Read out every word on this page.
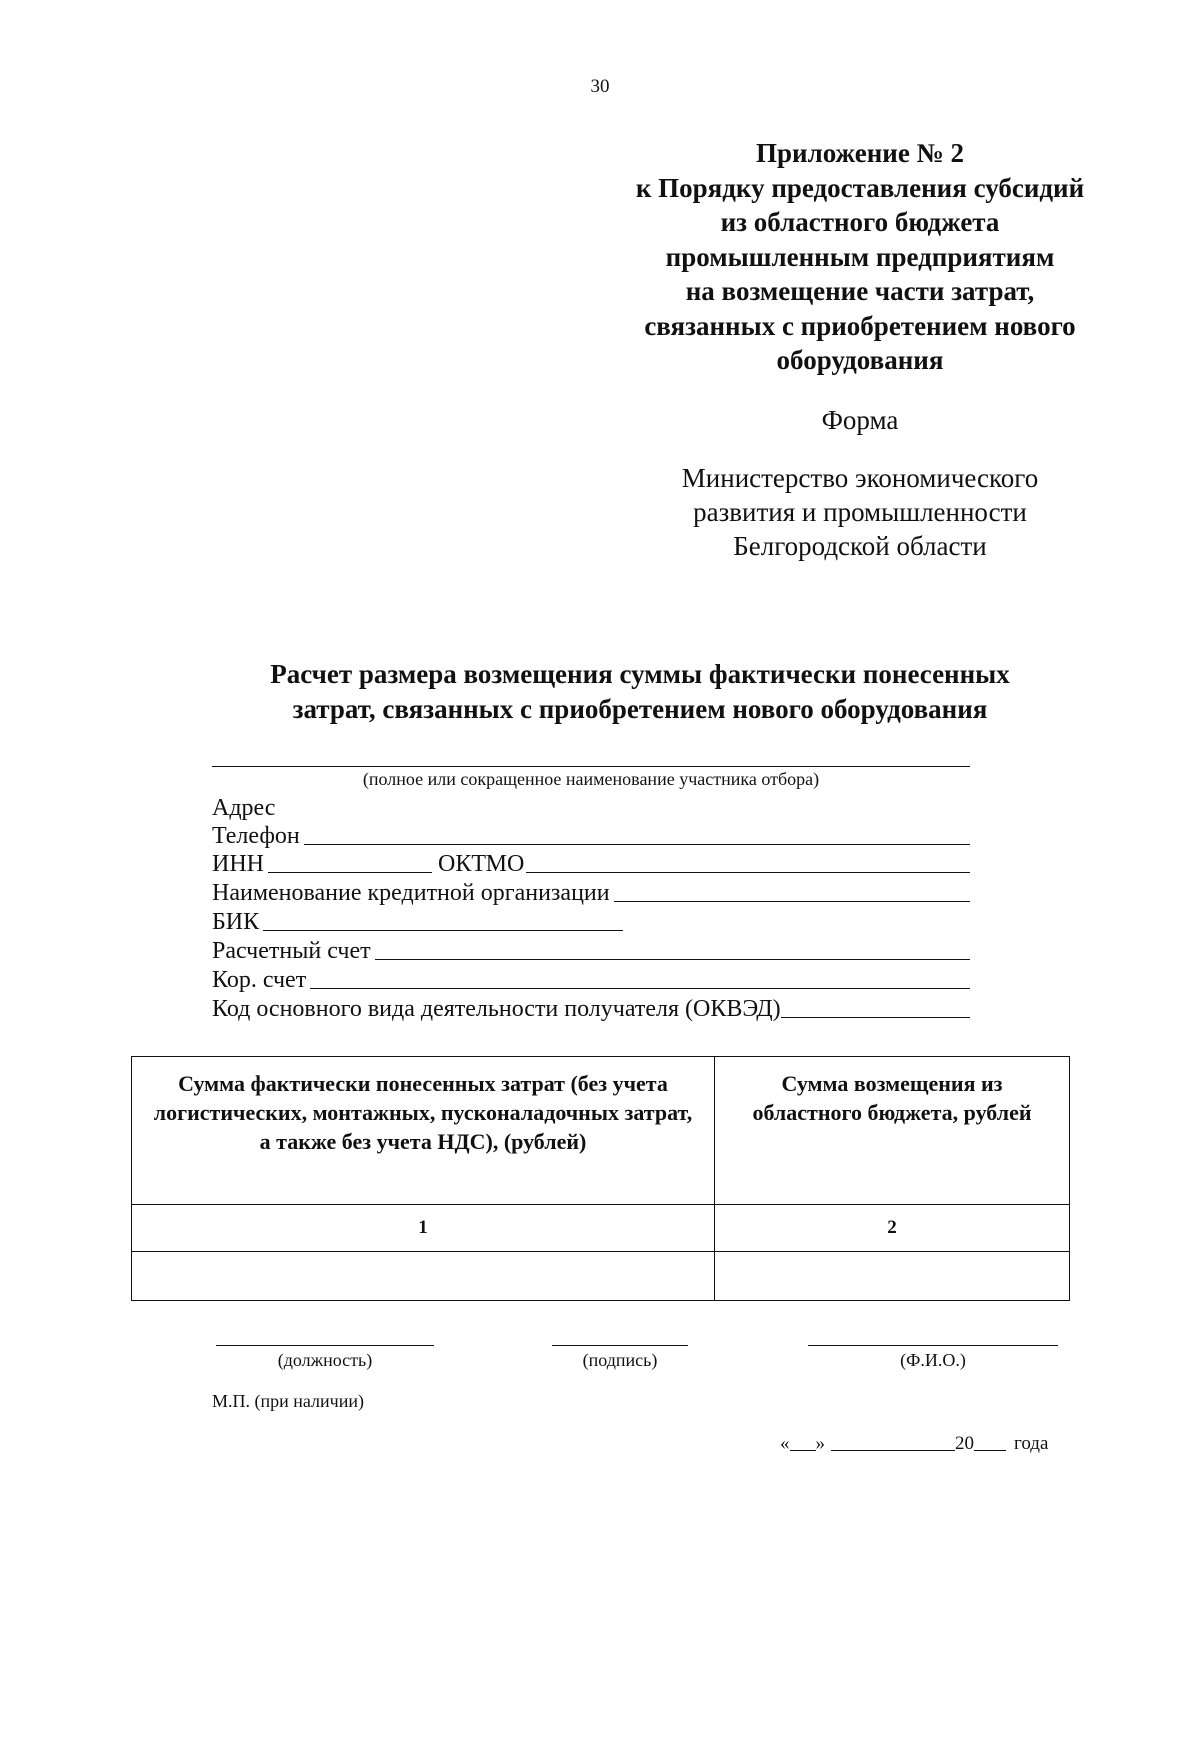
30
Приложение № 2
к Порядку предоставления субсидий
из областного бюджета
промышленным предприятиям
на возмещение части затрат,
связанных с приобретением нового
оборудования
Форма
Министерство экономического
развития и промышленности
Белгородской области
Расчет размера возмещения суммы фактически понесенных
затрат, связанных с приобретением нового оборудования
(полное или сокращенное наименование участника отбора)
Адрес
Телефон
ИНН	ОКТМО
Наименование кредитной организации
БИК
Расчетный счет
Кор. счет
Код основного вида деятельности получателя (ОКВЭД)
Сумма фактически понесенных затрат (без учета логистических, монтажных, пусконаладочных затрат, а также без учета НДС), (рублей)	Сумма возмещения из областного бюджета, рублей
1	2

(должность)	(подпись)	(Ф.И.О.)
М.П. (при наличии)
« »	20 года
